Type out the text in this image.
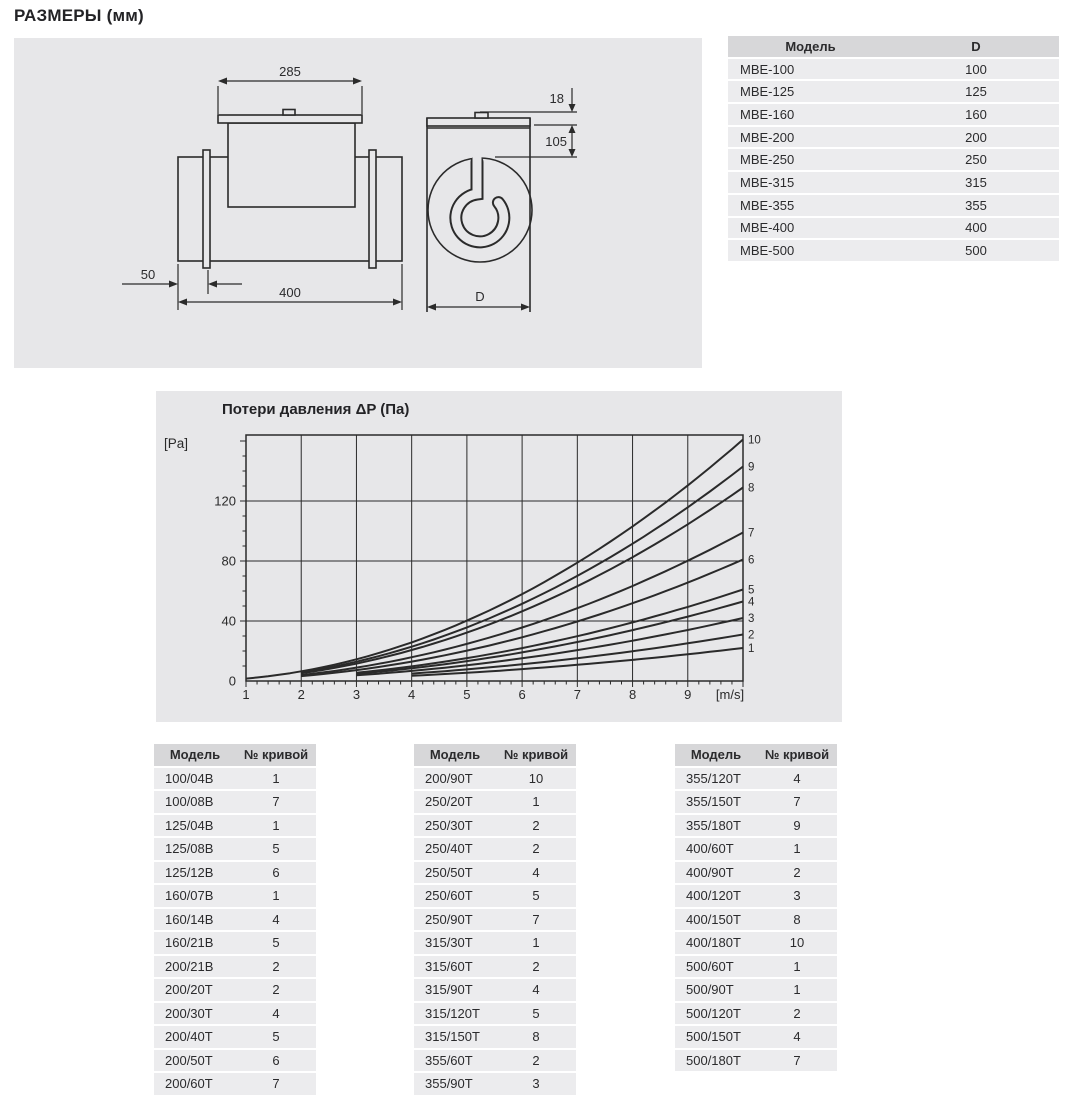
РАЗМЕРЫ (мм)
285
400
50
18
105
D
Модель	D
MBE-100	100
MBE-125	125
MBE-160	160
MBE-200	200
MBE-250	250
MBE-315	315
MBE-355	355
MBE-400	400
MBE-500	500
Потери давления ΔP (Па)
1
2
3
4
5
6
7
8
9
10
1	2	3	4	5	6	7	8	9
0
40
80
120
[Pa]
[m/s]
Модель	№ кривой
100/04B	1
100/08B	7
125/04B	1
125/08B	5
125/12B	6
160/07B	1
160/14B	4
160/21B	5
200/21B	2
200/20T	2
200/30T	4
200/40T	5
200/50T	6
200/60T	7
Модель	№ кривой
200/90T	10
250/20T	1
250/30T	2
250/40T	2
250/50T	4
250/60T	5
250/90T	7
315/30T	1
315/60T	2
315/90T	4
315/120T	5
315/150T	8
355/60T	2
355/90T	3
Модель	№ кривой
355/120T	4
355/150T	7
355/180T	9
400/60T	1
400/90T	2
400/120T	3
400/150T	8
400/180T	10
500/60T	1
500/90T	1
500/120T	2
500/150T	4
500/180T	7
